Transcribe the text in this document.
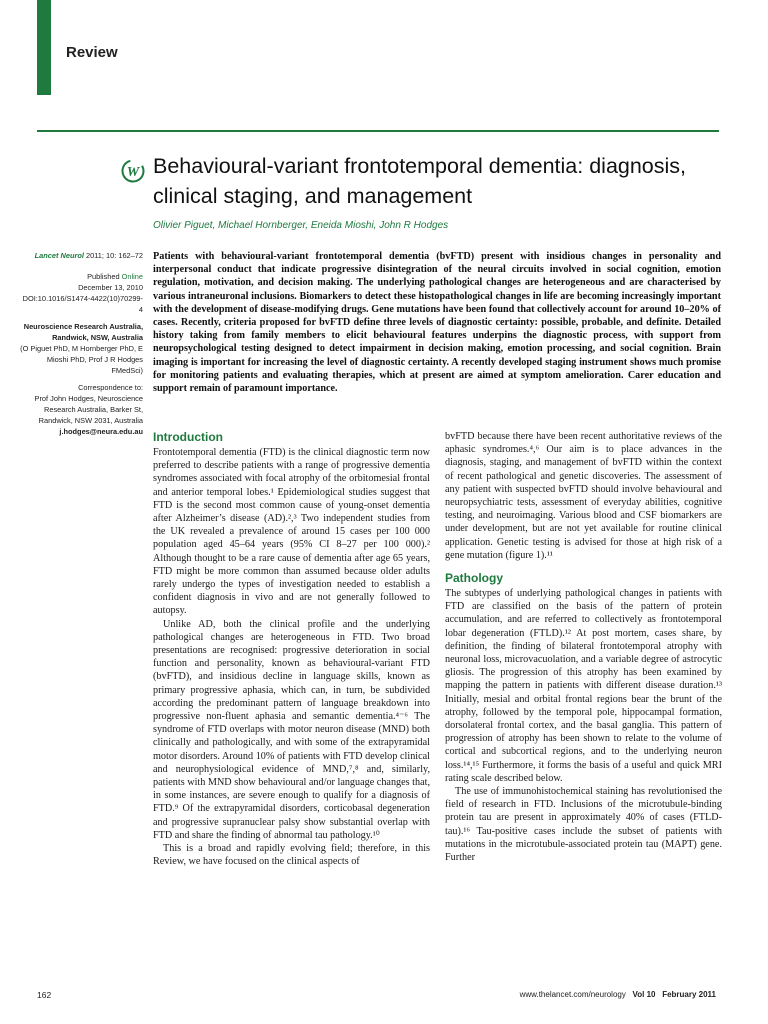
Review
W Behavioural-variant frontotemporal dementia: diagnosis, clinical staging, and management
Olivier Piguet, Michael Hornberger, Eneida Mioshi, John R Hodges
Lancet Neurol 2011; 10: 162–72
Published Online
December 13, 2010
DOI:10.1016/S1474-4422(10)70299-4
Neuroscience Research Australia, Randwick, NSW, Australia
(O Piguet PhD, M Hornberger PhD, E Mioshi PhD, Prof J R Hodges FMedSci)
Correspondence to:
Prof John Hodges, Neuroscience Research Australia, Barker St, Randwick, NSW 2031, Australia
j.hodges@neura.edu.au

Patients with behavioural-variant frontotemporal dementia (bvFTD) present with insidious changes in personality and interpersonal conduct that indicate progressive disintegration of the neural circuits involved in social cognition, emotion regulation, motivation, and decision making. The underlying pathological changes are heterogeneous and are characterised by various intraneuronal inclusions. Biomarkers to detect these histopathological changes in life are becoming increasingly important with the development of disease-modifying drugs. Gene mutations have been found that collectively account for around 10–20% of cases. Recently, criteria proposed for bvFTD define three levels of diagnostic certainty: possible, probable, and definite. Detailed history taking from family members to elicit behavioural features underpins the diagnostic process, with support from neuropsychological testing designed to detect impairment in decision making, emotion processing, and social cognition. Brain imaging is important for increasing the level of diagnostic certainty. A recently developed staging instrument shows much promise for monitoring patients and evaluating therapies, which at present are aimed at symptom amelioration. Carer education and support remain of paramount importance.

Introduction

Frontotemporal dementia (FTD) is the clinical diagnostic term now preferred to describe patients with a range of progressive dementia syndromes associated with focal atrophy of the orbitomesial frontal and anterior temporal lobes.¹ Epidemiological studies suggest that FTD is the second most common cause of young-onset dementia after Alzheimer’s disease (AD).²,³ Two independent studies from the UK revealed a prevalence of around 15 cases per 100 000 population aged 45–64 years (95% CI 8–27 per 100 000).² Although thought to be a rare cause of dementia after age 65 years, FTD might be more common than assumed because older adults rarely undergo the types of investigation needed to establish a confident diagnosis in vivo and are not generally followed to autopsy.

Unlike AD, both the clinical profile and the underlying pathological changes are heterogeneous in FTD. Two broad presentations are recognised: progressive deterioration in social function and personality, known as behavioural-variant FTD (bvFTD), and insidious decline in language skills, known as primary progressive aphasia, which can, in turn, be subdivided according the predominant pattern of language breakdown into progressive non-fluent aphasia and semantic dementia.⁴⁻⁶ The syndrome of FTD overlaps with motor neuron disease (MND) both clinically and pathologically, and with some of the extrapyramidal motor disorders. Around 10% of patients with FTD develop clinical and neurophysiological evidence of MND,⁷,⁸ and, similarly, patients with MND show behavioural and/or language changes that, in some instances, are severe enough to qualify for a diagnosis of FTD.⁹ Of the extrapyramidal disorders, corticobasal degeneration and progressive supranuclear palsy show substantial overlap with FTD and share the finding of abnormal tau pathology.¹⁰

This is a broad and rapidly evolving field; therefore, in this Review, we have focused on the clinical aspects of

bvFTD because there have been recent authoritative reviews of the aphasic syndromes.⁴,⁶ Our aim is to place advances in the diagnosis, staging, and management of bvFTD within the context of recent pathological and genetic discoveries. The assessment of any patient with suspected bvFTD should involve behavioural and neuropsychiatric tests, assessment of everyday abilities, cognitive testing, and neuroimaging. Various blood and CSF biomarkers are under development, but are not yet available for routine clinical application. Genetic testing is advised for those at high risk of a gene mutation (figure 1).¹¹

Pathology

The subtypes of underlying pathological changes in patients with FTD are classified on the basis of the pattern of protein accumulation, and are referred to collectively as frontotemporal lobar degeneration (FTLD).¹² At post mortem, cases share, by definition, the finding of bilateral frontotemporal atrophy with neuronal loss, microvacuolation, and a variable degree of astrocytic gliosis. The progression of this atrophy has been examined by mapping the pattern in patients with different disease duration.¹³ Initially, mesial and orbital frontal regions bear the brunt of the atrophy, followed by the temporal pole, hippocampal formation, dorsolateral frontal cortex, and the basal ganglia. This pattern of progression of atrophy has been shown to relate to the volume of cortical and subcortical regions, and to the underlying neuron loss.¹⁴,¹⁵ Furthermore, it forms the basis of a useful and quick MRI rating scale described below.

The use of immunohistochemical staining has revolutionised the field of research in FTD. Inclusions of the microtubule-binding protein tau are present in approximately 40% of cases (FTLD-tau).¹⁶ Tau-positive cases include the subset of patients with mutations in the microtubule-associated protein tau (MAPT) gene. Further

162	www.thelancet.com/neurology Vol 10 February 2011
